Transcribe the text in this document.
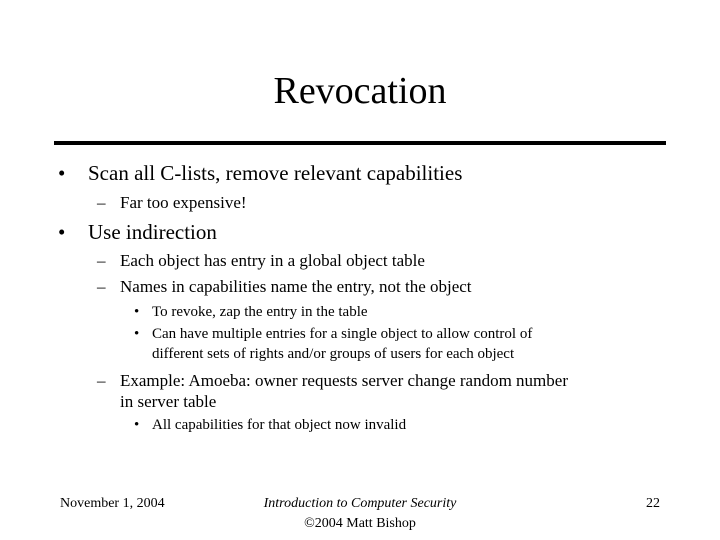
Revocation
• Scan all C-lists, remove relevant capabilities
– Far too expensive!
• Use indirection
– Each object has entry in a global object table
– Names in capabilities name the entry, not the object
• To revoke, zap the entry in the table
• Can have multiple entries for a single object to allow control of
different sets of rights and/or groups of users for each object
– Example: Amoeba: owner requests server change random number
in server table
• All capabilities for that object now invalid
November 1, 2004	Introduction to Computer Security
©2004 Matt Bishop
22
